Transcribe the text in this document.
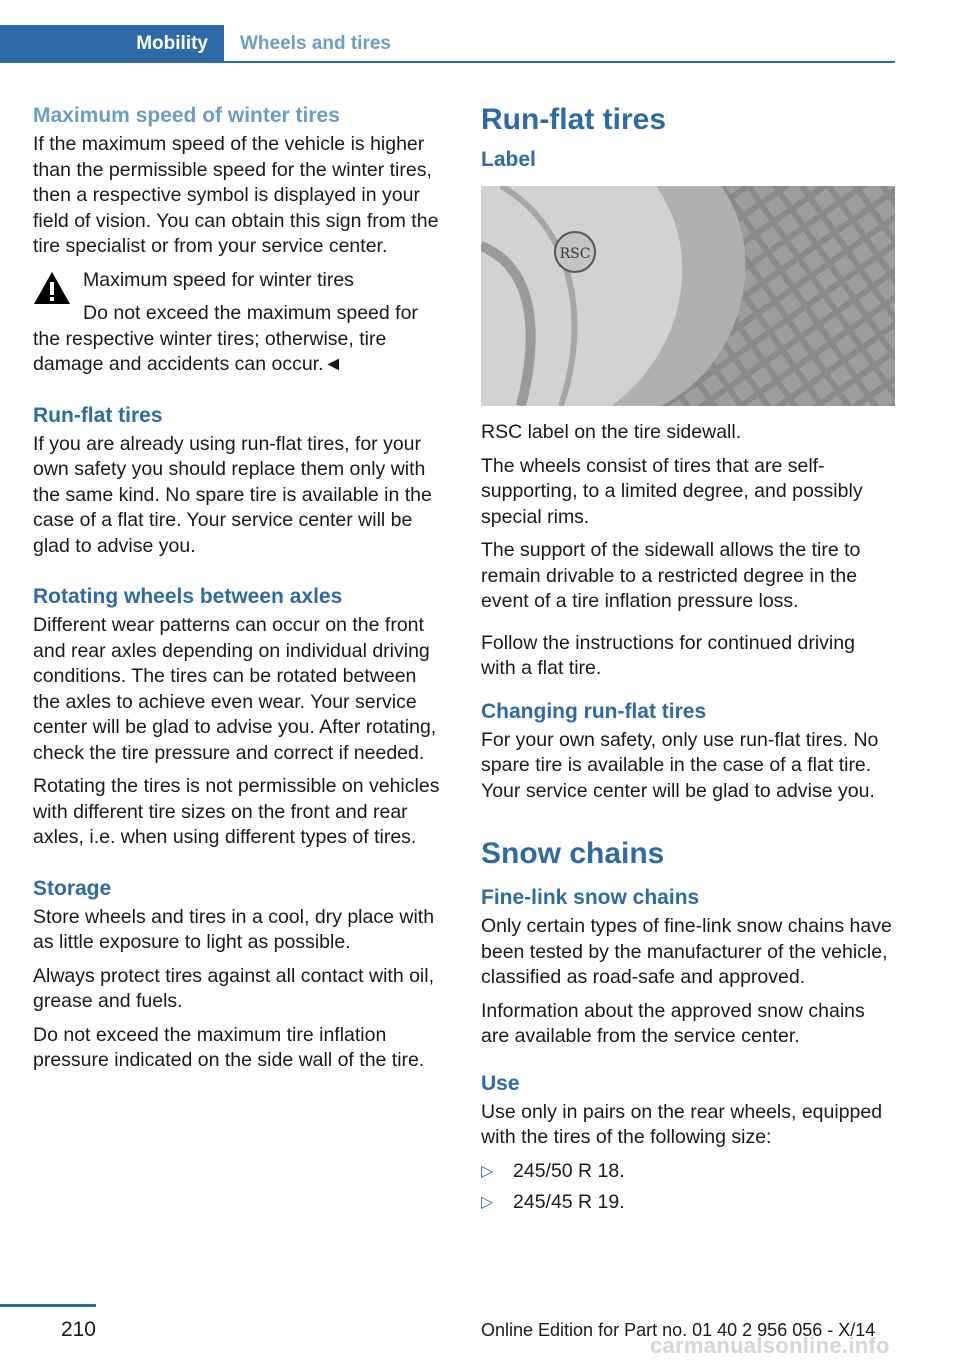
Mobility	Wheels and tires
Maximum speed of winter tires

If the maximum speed of the vehicle is higher than the permissible speed for the winter tires, then a respective symbol is displayed in your field of vision. You can obtain this sign from the tire specialist or from your service center.

Maximum speed for winter tires

Do not exceed the maximum speed for the respective winter tires; otherwise, tire damage and accidents can occur.◄

Run-flat tires

If you are already using run-flat tires, for your own safety you should replace them only with the same kind. No spare tire is available in the case of a flat tire. Your service center will be glad to advise you.

Rotating wheels between axles

Different wear patterns can occur on the front and rear axles depending on individual driving conditions. The tires can be rotated between the axles to achieve even wear. Your service center will be glad to advise you. After rotating, check the tire pressure and correct if needed.

Rotating the tires is not permissible on vehicles with different tire sizes on the front and rear axles, i.e. when using different types of tires.

Storage

Store wheels and tires in a cool, dry place with as little exposure to light as possible.

Always protect tires against all contact with oil, grease and fuels.

Do not exceed the maximum tire inflation pressure indicated on the side wall of the tire.

Run-flat tires
Label
RSC

RSC label on the tire sidewall.

The wheels consist of tires that are self-supporting, to a limited degree, and possibly special rims.

The support of the sidewall allows the tire to remain drivable to a restricted degree in the event of a tire inflation pressure loss.

Follow the instructions for continued driving with a flat tire.

Changing run-flat tires

For your own safety, only use run-flat tires. No spare tire is available in the case of a flat tire. Your service center will be glad to advise you.

Snow chains
Fine-link snow chains

Only certain types of fine-link snow chains have been tested by the manufacturer of the vehicle, classified as road-safe and approved.

Information about the approved snow chains are available from the service center.

Use

Use only in pairs on the rear wheels, equipped with the tires of the following size:

▷ 245/50 R 18.
▷ 245/45 R 19.
210	Online Edition for Part no. 01 40 2 956 056 - X/14
carmanualsonline.info
